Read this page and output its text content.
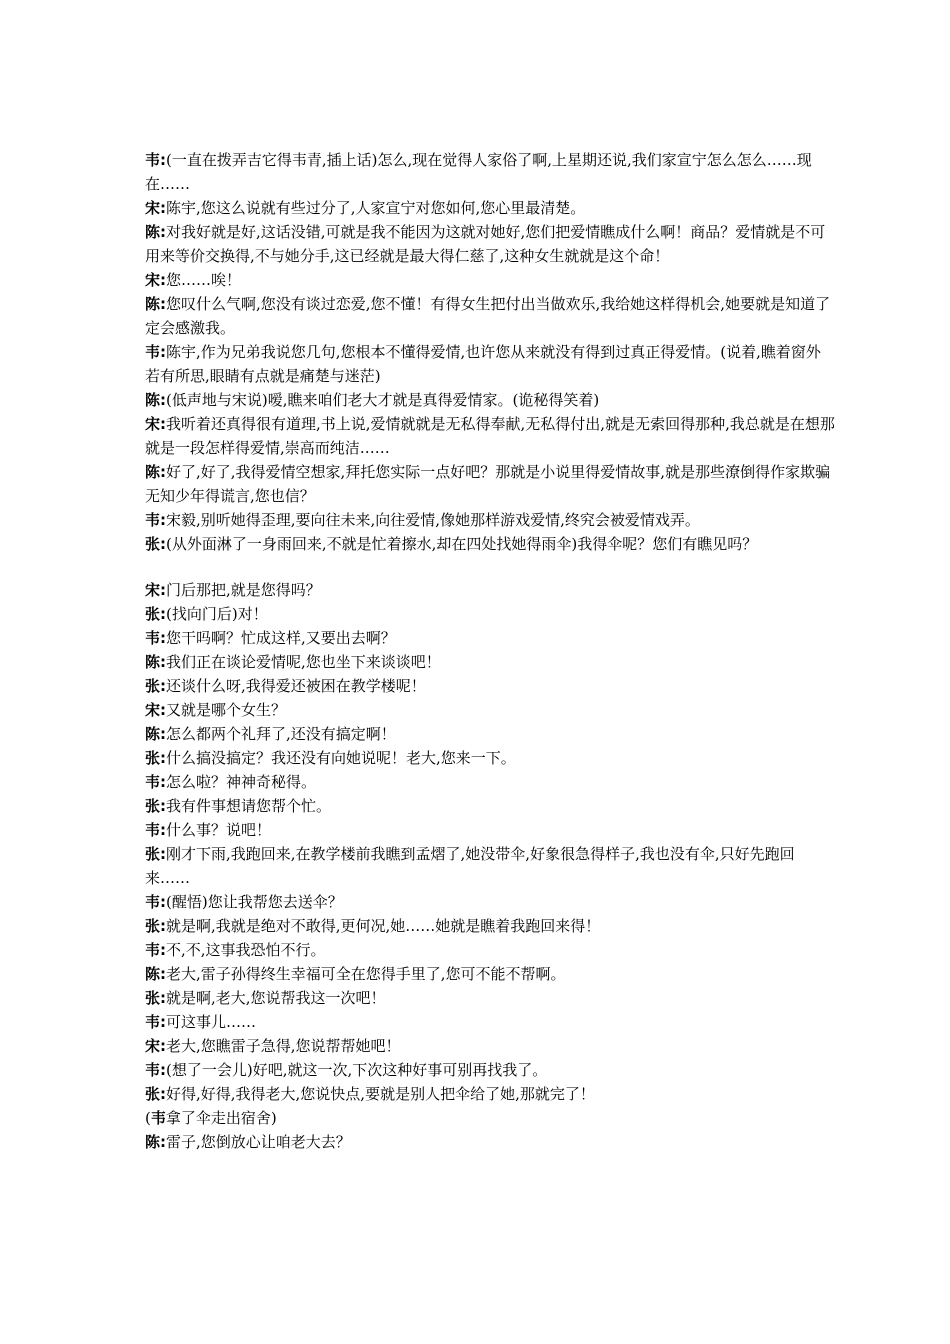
韦:(一直在拨弄吉它得韦青,插上话)怎么,现在觉得人家俗了啊,上星期还说,我们家宣宁怎么怎么……现在……

宋:陈宇,您这么说就有些过分了,人家宣宁对您如何,您心里最清楚。

陈:对我好就是好,这话没错,可就是我不能因为这就对她好,您们把爱情瞧成什么啊！商品？爱情就是不可用来等价交换得,不与她分手,这已经就是最大得仁慈了,这种女生就就是这个命！

宋:您……唉！

陈:您叹什么气啊,您没有谈过恋爱,您不懂！有得女生把付出当做欢乐,我给她这样得机会,她要就是知道了定会感激我。

韦:陈宇,作为兄弟我说您几句,您根本不懂得爱情,也许您从来就没有得到过真正得爱情。(说着,瞧着窗外若有所思,眼睛有点就是痛楚与迷茫)

陈:(低声地与宋说)嗳,瞧来咱们老大才就是真得爱情家。(诡秘得笑着)

宋:我听着还真得很有道理,书上说,爱情就就是无私得奉献,无私得付出,就是无索回得那种,我总就是在想那就是一段怎样得爱情,崇高而纯洁……

陈:好了,好了,我得爱情空想家,拜托您实际一点好吧？那就是小说里得爱情故事,就是那些潦倒得作家欺骗无知少年得谎言,您也信？

韦:宋毅,别听她得歪理,要向往未来,向往爱情,像她那样游戏爱情,终究会被爱情戏弄。

张:(从外面淋了一身雨回来,不就是忙着擦水,却在四处找她得雨伞)我得伞呢？您们有瞧见吗？

宋:门后那把,就是您得吗？

张:(找向门后)对！

韦:您干吗啊？忙成这样,又要出去啊？

陈:我们正在谈论爱情呢,您也坐下来谈谈吧！

张:还谈什么呀,我得爱还被困在教学楼呢！

宋:又就是哪个女生？

陈:怎么都两个礼拜了,还没有搞定啊！

张:什么搞没搞定？我还没有向她说呢！老大,您来一下。

韦:怎么啦？神神奇秘得。

张:我有件事想请您帮个忙。

韦:什么事？说吧！

张:刚才下雨,我跑回来,在教学楼前我瞧到孟熠了,她没带伞,好象很急得样子,我也没有伞,只好先跑回来……

韦:(醒悟)您让我帮您去送伞？

张:就是啊,我就是绝对不敢得,更何况,她……她就是瞧着我跑回来得！

韦:不,不,这事我恐怕不行。

陈:老大,雷子孙得终生幸福可全在您得手里了,您可不能不帮啊。

张:就是啊,老大,您说帮我这一次吧！

韦:可这事儿……

宋:老大,您瞧雷子急得,您说帮帮她吧！

韦:(想了一会儿)好吧,就这一次,下次这种好事可别再找我了。

张:好得,好得,我得老大,您说快点,要就是别人把伞给了她,那就完了！

(韦拿了伞走出宿舍)

陈:雷子,您倒放心让咱老大去？
